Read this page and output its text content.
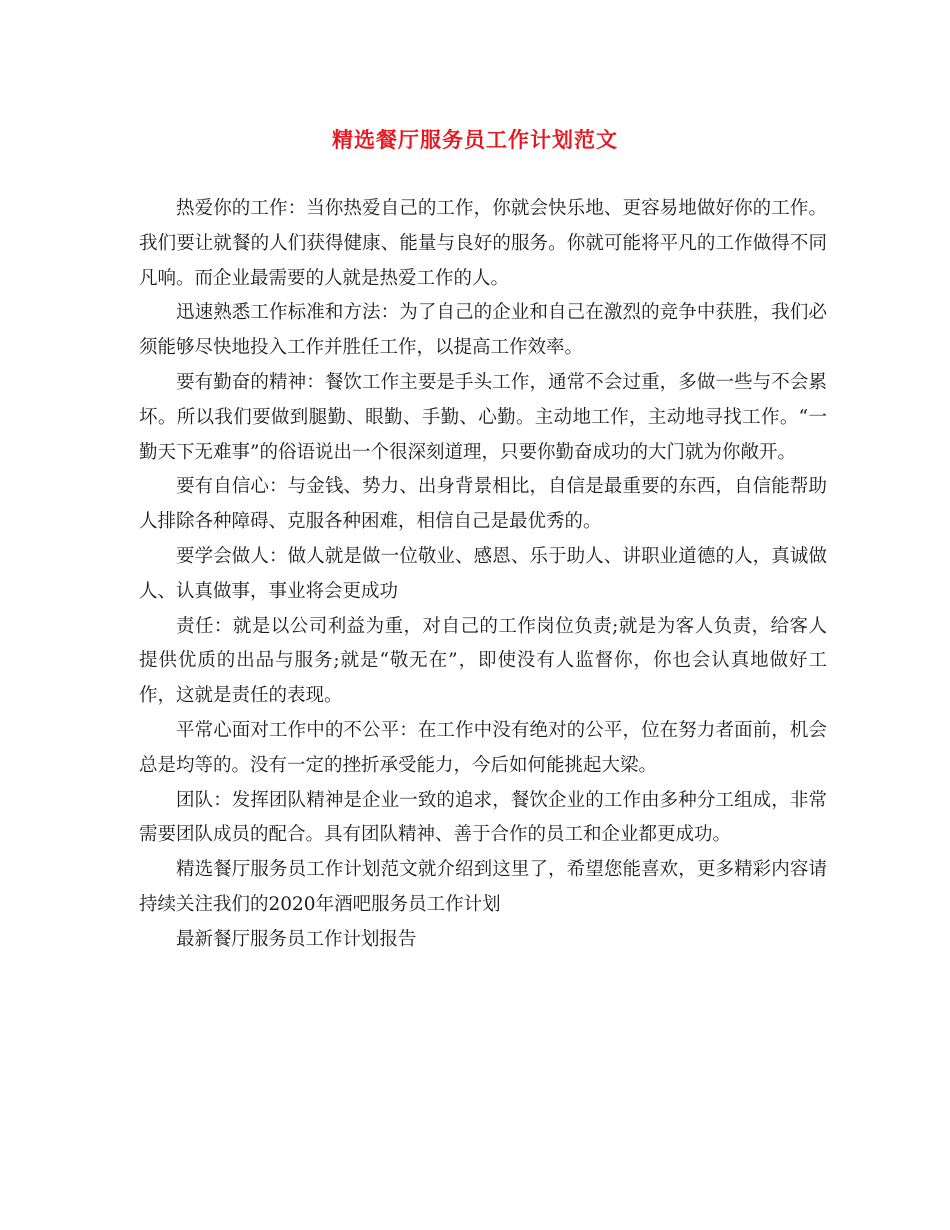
精选餐厅服务员工作计划范文

热爱你的工作：当你热爱自己的工作，你就会快乐地、更容易地做好你的工作。我们要让就餐的人们获得健康、能量与良好的服务。你就可能将平凡的工作做得不同凡响。而企业最需要的人就是热爱工作的人。

迅速熟悉工作标准和方法：为了自己的企业和自己在激烈的竞争中获胜，我们必须能够尽快地投入工作并胜任工作，以提高工作效率。

要有勤奋的精神：餐饮工作主要是手头工作，通常不会过重，多做一些与不会累坏。所以我们要做到腿勤、眼勤、手勤、心勤。主动地工作，主动地寻找工作。“一勤天下无难事”的俗语说出一个很深刻道理，只要你勤奋成功的大门就为你敞开。

要有自信心：与金钱、势力、出身背景相比，自信是最重要的东西，自信能帮助人排除各种障碍、克服各种困难，相信自己是最优秀的。

要学会做人：做人就是做一位敬业、感恩、乐于助人、讲职业道德的人，真诚做人、认真做事，事业将会更成功

责任：就是以公司利益为重，对自己的工作岗位负责;就是为客人负责，给客人提供优质的出品与服务;就是“敬无在”，即使没有人监督你，你也会认真地做好工作，这就是责任的表现。

平常心面对工作中的不公平：在工作中没有绝对的公平，位在努力者面前，机会总是均等的。没有一定的挫折承受能力，今后如何能挑起大梁。

团队：发挥团队精神是企业一致的追求，餐饮企业的工作由多种分工组成，非常需要团队成员的配合。具有团队精神、善于合作的员工和企业都更成功。

精选餐厅服务员工作计划范文就介绍到这里了，希望您能喜欢，更多精彩内容请持续关注我们的2020年酒吧服务员工作计划

最新餐厅服务员工作计划报告
